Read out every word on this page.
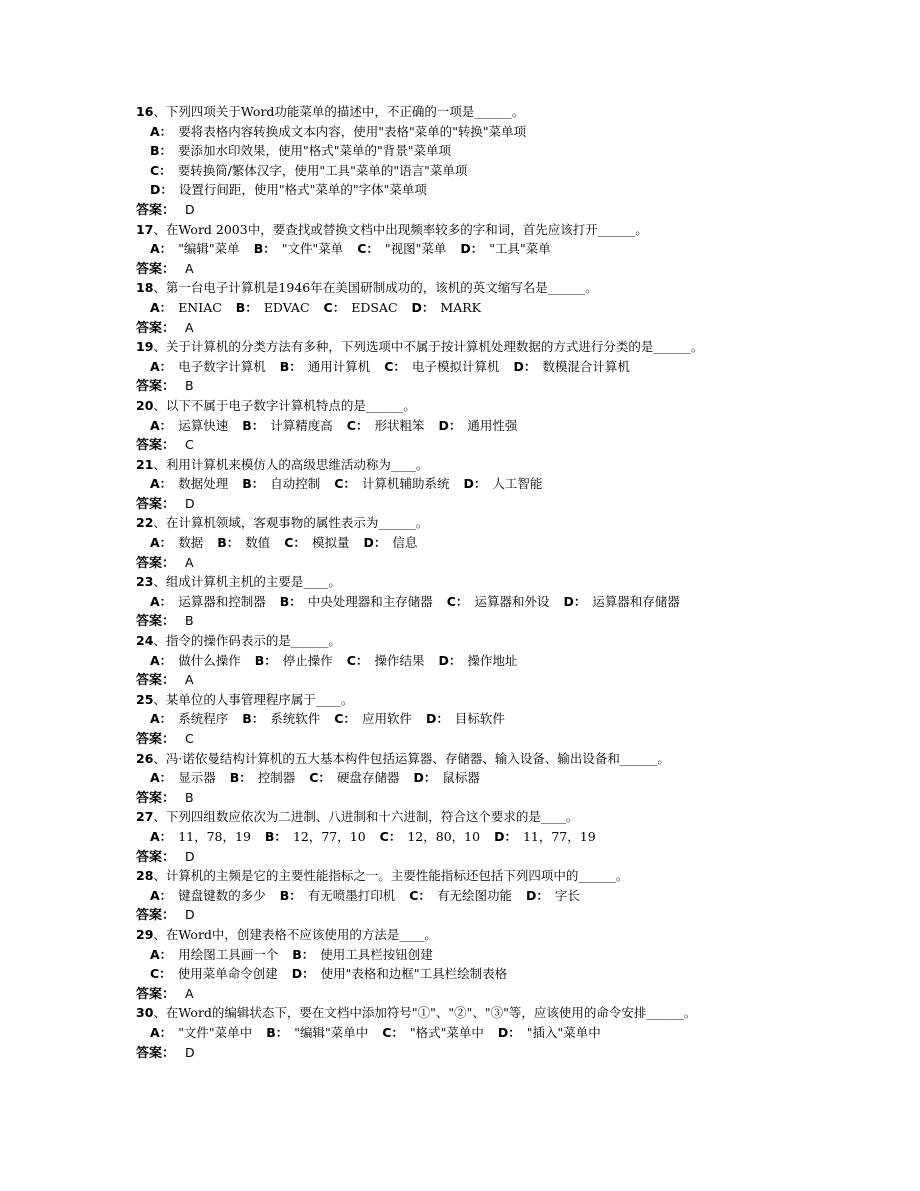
16、下列四项关于Word功能菜单的描述中，不正确的一项是______。
A： 要将表格内容转换成文本内容，使用"表格"菜单的"转换"菜单项
B： 要添加水印效果，使用"格式"菜单的"背景"菜单项
C： 要转换简/繁体汉字，使用"工具"菜单的"语言"菜单项
D： 设置行间距，使用"格式"菜单的"字体"菜单项
答案： D
17、在Word 2003中，要查找或替换文档中出现频率较多的字和词，首先应该打开______。
A： "编辑"菜单 B： "文件"菜单 C： "视图"菜单 D： "工具"菜单
答案： A
18、第一台电子计算机是1946年在美国研制成功的，该机的英文缩写名是______。
A： ENIAC B： EDVAC C： EDSAC D： MARK
答案： A
19、关于计算机的分类方法有多种，下列选项中不属于按计算机处理数据的方式进行分类的是______。
A： 电子数字计算机 B： 通用计算机 C： 电子模拟计算机 D： 数模混合计算机
答案： B
20、以下不属于电子数字计算机特点的是______。
A： 运算快速 B： 计算精度高 C： 形状粗笨 D： 通用性强
答案： C
21、利用计算机来模仿人的高级思维活动称为____。
A： 数据处理 B： 自动控制 C： 计算机辅助系统 D： 人工智能
答案： D
22、在计算机领域，客观事物的属性表示为______。
A： 数据 B： 数值 C： 模拟量 D： 信息
答案： A
23、组成计算机主机的主要是____。
A： 运算器和控制器 B： 中央处理器和主存储器 C： 运算器和外设 D： 运算器和存储器
答案： B
24、指令的操作码表示的是______。
A： 做什么操作 B： 停止操作 C： 操作结果 D： 操作地址
答案： A
25、某单位的人事管理程序属于____。
A： 系统程序 B： 系统软件 C： 应用软件 D： 目标软件
答案： C
26、冯·诺依曼结构计算机的五大基本构件包括运算器、存储器、输入设备、输出设备和______。
A： 显示器 B： 控制器 C： 硬盘存储器 D： 鼠标器
答案： B
27、下列四组数应依次为二进制、八进制和十六进制，符合这个要求的是____。
A： 11，78，19 B： 12，77，10 C： 12，80，10 D： 11，77，19
答案： D
28、计算机的主频是它的主要性能指标之一。主要性能指标还包括下列四项中的______。
A： 键盘键数的多少 B： 有无喷墨打印机 C： 有无绘图功能 D： 字长
答案： D
29、在Word中，创建表格不应该使用的方法是____。
A： 用绘图工具画一个 B： 使用工具栏按钮创建
C： 使用菜单命令创建 D： 使用"表格和边框"工具栏绘制表格
答案： A
30、在Word的编辑状态下，要在文档中添加符号"①"、"②"、"③"等，应该使用的命令安排______。
A： "文件"菜单中 B： "编辑"菜单中 C： "格式"菜单中 D： "插入"菜单中
答案： D
